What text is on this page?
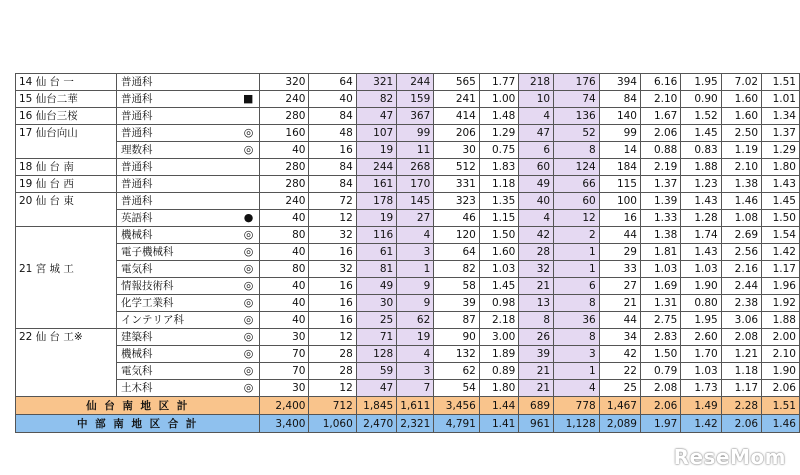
14 仙 台 一	普通科		320	64	321	244	565	1.77	218	176	394	6.16	1.95	7.02	1.51
15 仙台二華	普通科	■	240	40	82	159	241	1.00	10	74	84	2.10	0.90	1.60	1.01
16 仙台三桜	普通科		280	84	47	367	414	1.48	4	136	140	1.67	1.52	1.60	1.34
17 仙台向山	普通科	◎	160	48	107	99	206	1.29	47	52	99	2.06	1.45	2.50	1.37
	理数科	◎	40	16	19	11	30	0.75	6	8	14	0.88	0.83	1.19	1.29
18 仙 台 南	普通科		280	84	244	268	512	1.83	60	124	184	2.19	1.88	2.10	1.80
19 仙 台 西	普通科		280	84	161	170	331	1.18	49	66	115	1.37	1.23	1.38	1.43
20 仙 台 東	普通科		240	72	178	145	323	1.35	40	60	100	1.39	1.43	1.46	1.45
	英語科	●	40	12	19	27	46	1.15	4	12	16	1.33	1.28	1.08	1.50
	機械科	◎	80	32	116	4	120	1.50	42	2	44	1.38	1.74	2.69	1.54
	電子機械科	◎	40	16	61	3	64	1.60	28	1	29	1.81	1.43	2.56	1.42
21 宮 城 工	電気科	◎	80	32	81	1	82	1.03	32	1	33	1.03	1.03	2.16	1.17
	情報技術科	◎	40	16	49	9	58	1.45	21	6	27	1.69	1.90	2.44	1.96
	化学工業科	◎	40	16	30	9	39	0.98	13	8	21	1.31	0.80	2.38	1.92
	インテリア科	◎	40	16	25	62	87	2.18	8	36	44	2.75	1.95	3.06	1.88
22 仙 台 工※	建築科	◎	30	12	71	19	90	3.00	26	8	34	2.83	2.60	2.08	2.00
	機械科	◎	70	28	128	4	132	1.89	39	3	42	1.50	1.70	1.21	2.10
	電気科	◎	70	28	59	3	62	0.89	21	1	22	0.79	1.03	1.18	1.90
	土木科	◎	30	12	47	7	54	1.80	21	4	25	2.08	1.73	1.17	2.06
仙 台 南 地 区 計			2,400	712	1,845	1,611	3,456	1.44	689	778	1,467	2.06	1.49	2.28	1.51
中 部 南 地 区 合 計			3,400	1,060	2,470	2,321	4,791	1.41	961	1,128	2,089	1.97	1.42	2.06	1.46
ReseMom
